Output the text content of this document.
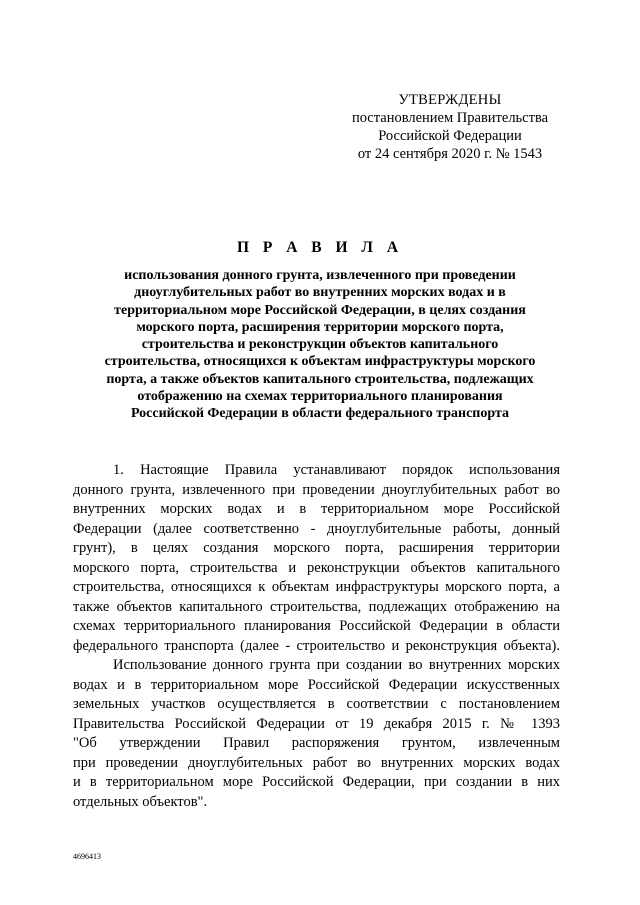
УТВЕРЖДЕНЫ
постановлением Правительства
Российской Федерации
от 24 сентября 2020 г. № 1543
П Р А В И Л А
использования донного грунта, извлеченного при проведении
дноуглубительных работ во внутренних морских водах и в
территориальном море Российской Федерации, в целях создания
морского порта, расширения территории морского порта,
строительства и реконструкции объектов капитального
строительства, относящихся к объектам инфраструктуры морского
порта, а также объектов капитального строительства, подлежащих
отображению на схемах территориального планирования
Российской Федерации в области федерального транспорта
1. Настоящие Правила устанавливают порядок использования
донного грунта, извлеченного при проведении дноуглубительных работ во
внутренних морских водах и в территориальном море Российской
Федерации (далее соответственно - дноуглубительные работы, донный
грунт), в целях создания морского порта, расширения территории
морского порта, строительства и реконструкции объектов капитального
строительства, относящихся к объектам инфраструктуры морского порта, а
также объектов капитального строительства, подлежащих отображению на
схемах территориального планирования Российской Федерации в области
федерального транспорта (далее - строительство и реконструкция объекта).
Использование донного грунта при создании во внутренних морских
водах и в территориальном море Российской Федерации искусственных
земельных участков осуществляется в соответствии с постановлением
Правительства Российской Федерации от 19 декабря 2015 г. № 1393
"Об утверждении Правил распоряжения грунтом, извлеченным
при проведении дноуглубительных работ во внутренних морских водах
и в территориальном море Российской Федерации, при создании в них
отдельных объектов".
4696413
